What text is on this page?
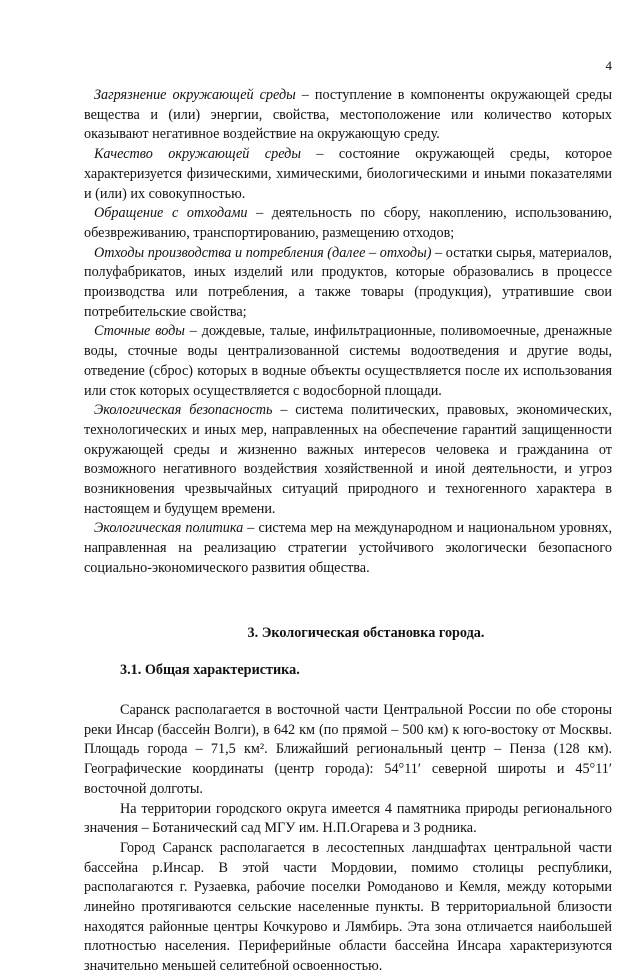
4

Загрязнение окружающей среды – поступление в компоненты окружающей среды вещества и (или) энергии, свойства, местоположение или количество которых оказывают негативное воздействие на окружающую среду.

Качество окружающей среды – состояние окружающей среды, которое характеризуется физическими, химическими, биологическими и иными показателями и (или) их совокупностью.

Обращение с отходами – деятельность по сбору, накоплению, использованию, обезвреживанию, транспортированию, размещению отходов;

Отходы производства и потребления (далее – отходы) – остатки сырья, материалов, полуфабрикатов, иных изделий или продуктов, которые образовались в процессе производства или потребления, а также товары (продукция), утратившие свои потребительские свойства;

Сточные воды – дождевые, талые, инфильтрационные, поливомоечные, дренажные воды, сточные воды централизованной системы водоотведения и другие воды, отведение (сброс) которых в водные объекты осуществляется после их использования или сток которых осуществляется с водосборной площади.

Экологическая безопасность – система политических, правовых, экономических, технологических и иных мер, направленных на обеспечение гарантий защищенности окружающей среды и жизненно важных интересов человека и гражданина от возможного негативного воздействия хозяйственной и иной деятельности, и угроз возникновения чрезвычайных ситуаций природного и техногенного характера в настоящем и будущем времени.

Экологическая политика – система мер на международном и национальном уровнях, направленная на реализацию стратегии устойчивого экологически безопасного социально-экономического развития общества.

3. Экологическая обстановка города.
3.1. Общая характеристика.

Саранск располагается в восточной части Центральной России по обе стороны реки Инсар (бассейн Волги), в 642 км (по прямой – 500 км) к юго-востоку от Москвы. Площадь города – 71,5 км². Ближайший региональный центр – Пенза (128 км). Географические координаты (центр города): 54°11′ северной широты и 45°11′ восточной долготы.

На территории городского округа имеется 4 памятника природы регионального значения – Ботанический сад МГУ им. Н.П.Огарева и 3 родника.

Город Саранск располагается в лесостепных ландшафтах центральной части бассейна р.Инсар. В этой части Мордовии, помимо столицы республики, располагаются г. Рузаевка, рабочие поселки Ромоданово и Кемля, между которыми линейно протягиваются сельские населенные пункты. В территориальной близости находятся районные центры Кочкурово и Лямбирь. Эта зона отличается наибольшей плотностью населения. Периферийные области бассейна Инсара характеризуются значительно меньшей селитебной освоенностью.
